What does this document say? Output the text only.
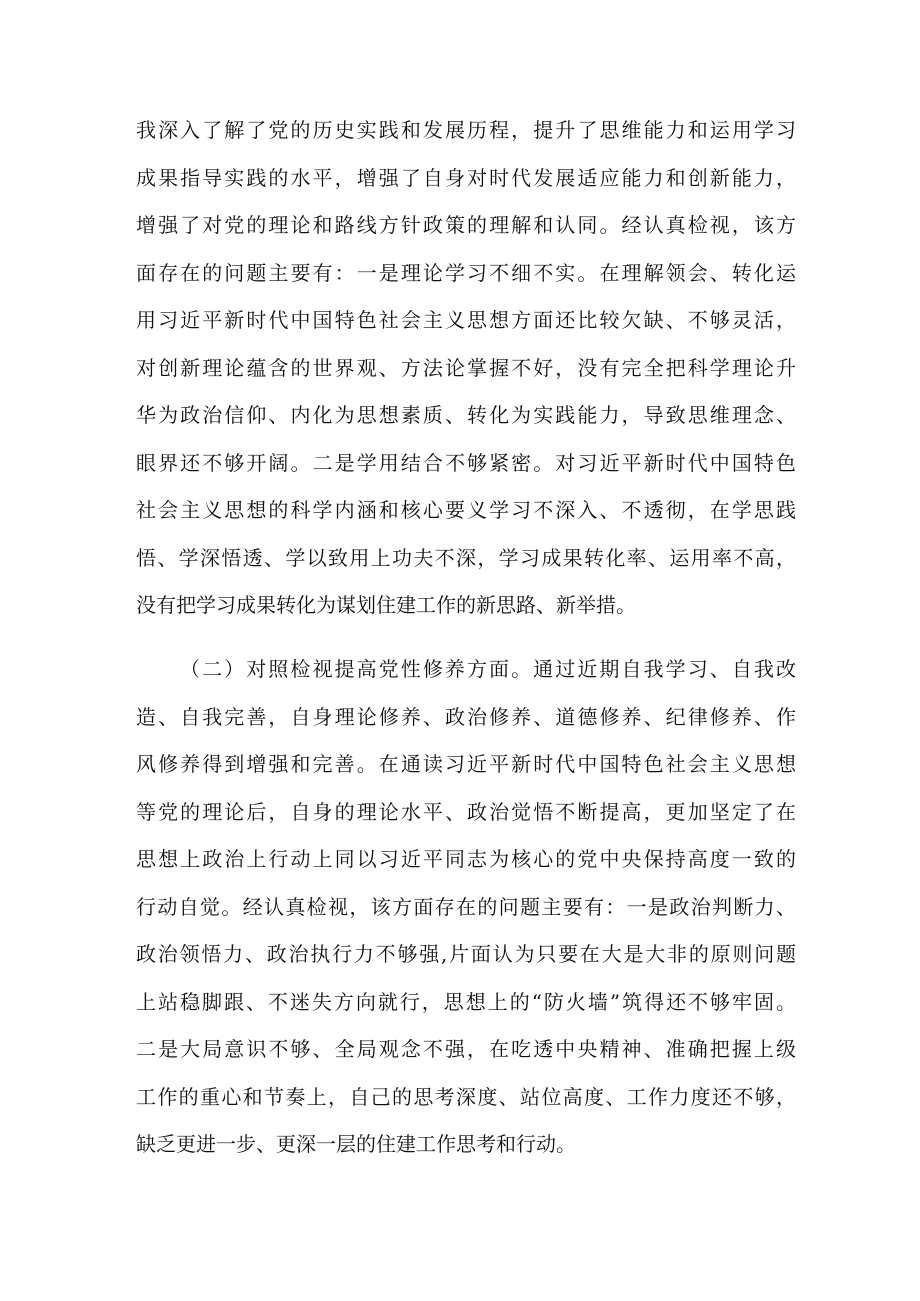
我深入了解了党的历史实践和发展历程，提升了思维能力和运用学习
成果指导实践的水平，增强了自身对时代发展适应能力和创新能力，
增强了对党的理论和路线方针政策的理解和认同。经认真检视，该方
面存在的问题主要有：一是理论学习不细不实。在理解领会、转化运
用习近平新时代中国特色社会主义思想方面还比较欠缺、不够灵活，
对创新理论蕴含的世界观、方法论掌握不好，没有完全把科学理论升
华为政治信仰、内化为思想素质、转化为实践能力，导致思维理念、
眼界还不够开阔。二是学用结合不够紧密。对习近平新时代中国特色
社会主义思想的科学内涵和核心要义学习不深入、不透彻，在学思践
悟、学深悟透、学以致用上功夫不深，学习成果转化率、运用率不高，
没有把学习成果转化为谋划住建工作的新思路、新举措。
（二）对照检视提高党性修养方面。通过近期自我学习、自我改
造、自我完善，自身理论修养、政治修养、道德修养、纪律修养、作
风修养得到增强和完善。在通读习近平新时代中国特色社会主义思想
等党的理论后，自身的理论水平、政治觉悟不断提高，更加坚定了在
思想上政治上行动上同以习近平同志为核心的党中央保持高度一致的
行动自觉。经认真检视，该方面存在的问题主要有：一是政治判断力、
政治领悟力、政治执行力不够强,片面认为只要在大是大非的原则问题
上站稳脚跟、不迷失方向就行，思想上的“防火墙”筑得还不够牢固。
二是大局意识不够、全局观念不强，在吃透中央精神、准确把握上级
工作的重心和节奏上，自己的思考深度、站位高度、工作力度还不够，
缺乏更进一步、更深一层的住建工作思考和行动。
